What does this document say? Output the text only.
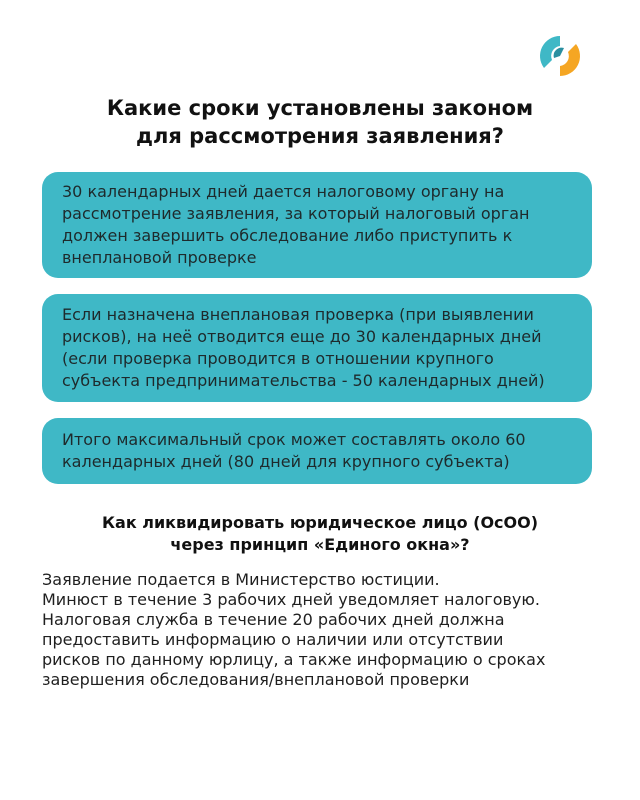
Какие сроки установлены законом
для рассмотрения заявления?
30 календарных дней дается налоговому органу на
рассмотрение заявления, за который налоговый орган
должен завершить обследование либо приступить к
внеплановой проверке
Если назначена внеплановая проверка (при выявлении
рисков), на неё отводится еще до 30 календарных дней
(если проверка проводится в отношении крупного
субъекта предпринимательства - 50 календарных дней)
Итого максимальный срок может составлять около 60
календарных дней (80 дней для крупного субъекта)
Как ликвидировать юридическое лицо (ОсОО)
через принцип «Единого окна»?
Заявление подается в Министерство юстиции.
Минюст в течение 3 рабочих дней уведомляет налоговую.
Налоговая служба в течение 20 рабочих дней должна
предоставить информацию о наличии или отсутствии
рисков по данному юрлицу, а также информацию о сроках
завершения обследования/внеплановой проверки
